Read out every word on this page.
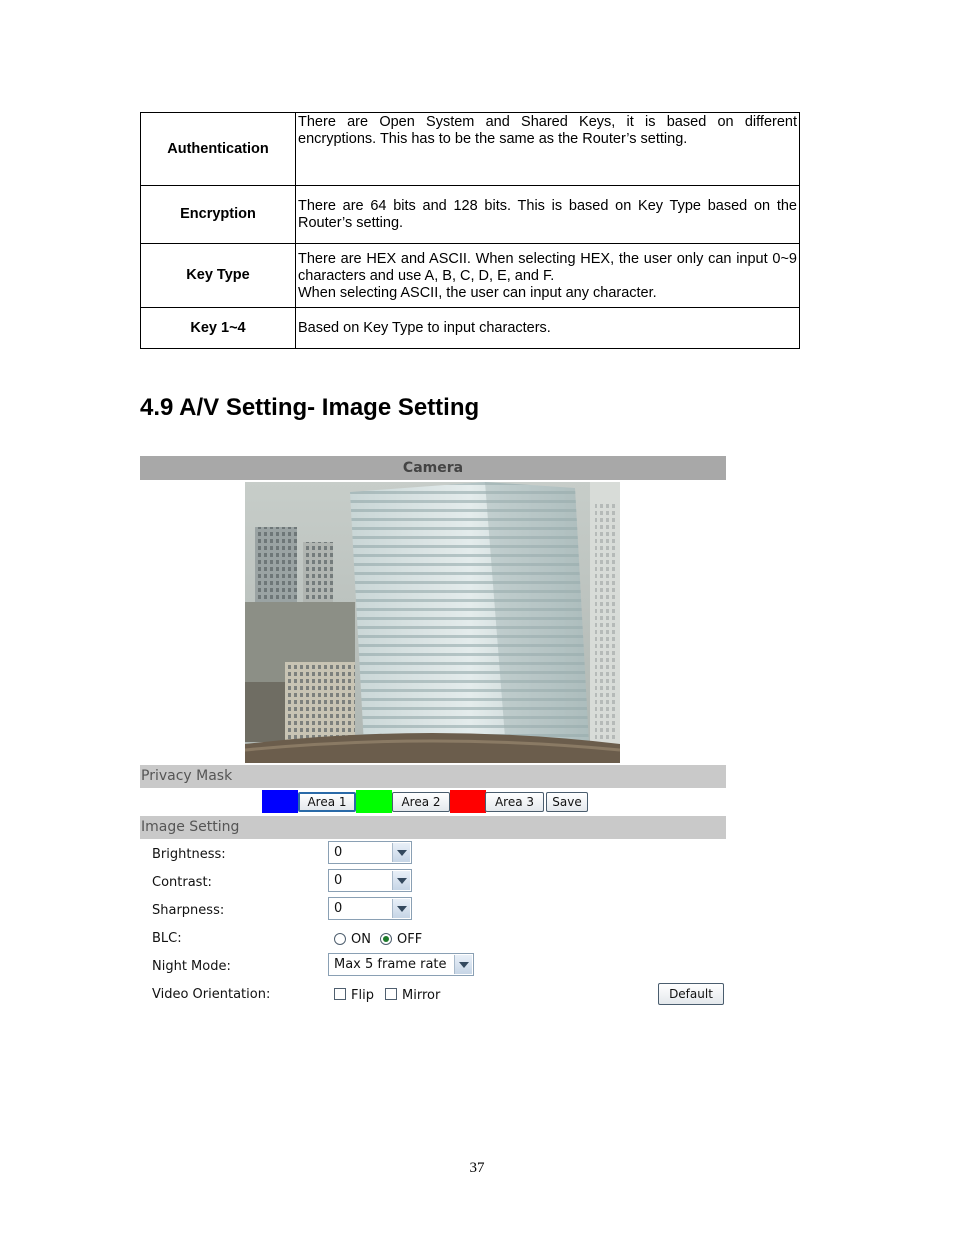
Authentication	There are Open System and Shared Keys, it is based on different encryptions. This has to be the same as the Router’s setting.

Encryption	There are 64 bits and 128 bits. This is based on Key Type based on the Router’s setting.

Key Type	There are HEX and ASCII. When selecting HEX, the user only can input 0~9 characters and use A, B, C, D, E, and F.
When selecting ASCII, the user can input any character.

Key 1~4	Based on Key Type to input characters.
4.9 A/V Setting- Image Setting
Camera
Privacy Mask
Area 1	Area 2	Area 3	Save
Image Setting
Brightness:	0
Contrast:	0
Sharpness:	0
BLC:	ON OFF
Night Mode:	Max 5 frame rate
Video Orientation:	Flip Mirror	Default
37
